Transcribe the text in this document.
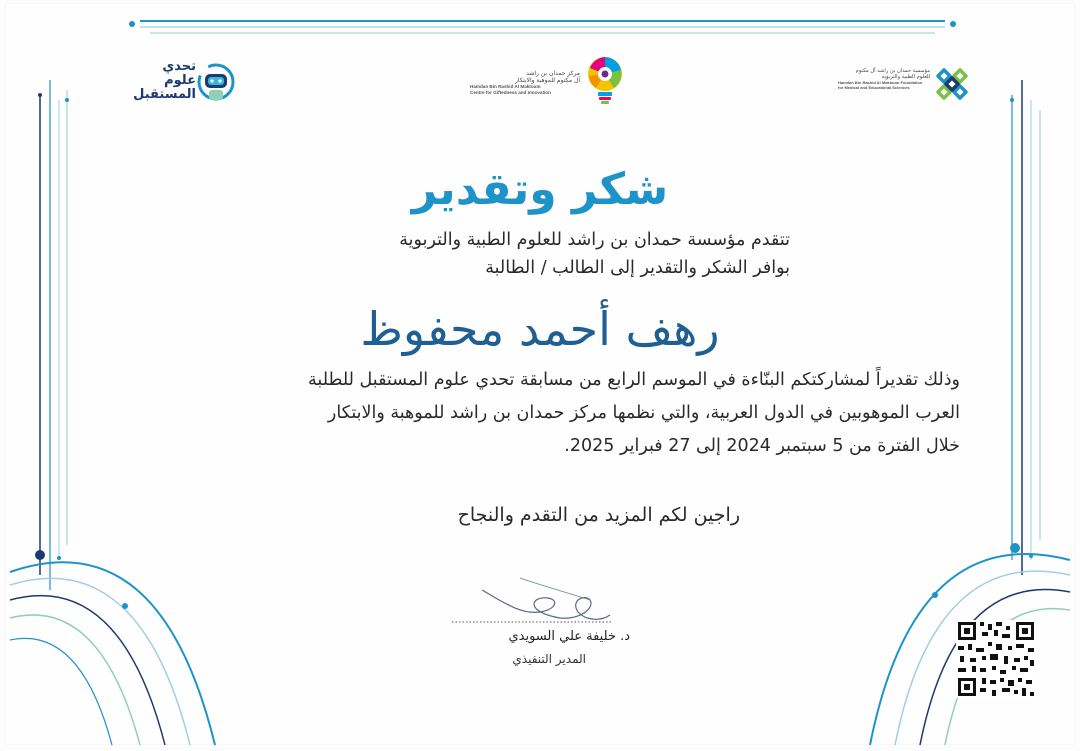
تحدي
علوم
المستقبل
مركز حمدان بن راشد
آل مكتوم للموهبة والابتكار
Hamdan Bin Rashid Al Maktoum
Centre for Giftedness and Innovation
مؤسسة حمدان بن راشد آل مكتوم
للعلوم الطبية والتربوية
Hamdan Bin Rashid Al Maktoum Foundation
for Medical and Educational Sciences
شكر وتقدير
تتقدم مؤسسة حمدان بن راشد للعلوم الطبية والتربوية
بوافر الشكر والتقدير إلى الطالب / الطالبة
رهف أحمد محفوظ
وذلك تقديراً لمشاركتكم البنّاءة في الموسم الرابع من مسابقة تحدي علوم المستقبل للطلبة
العرب الموهوبين في الدول العربية، والتي نظمها مركز حمدان بن راشد للموهبة والابتكار
خلال الفترة من 5 سبتمبر 2024 إلى 27 فبراير 2025.
راجين لكم المزيد من التقدم والنجاح
د. خليفة علي السويدي
المدير التنفيذي
